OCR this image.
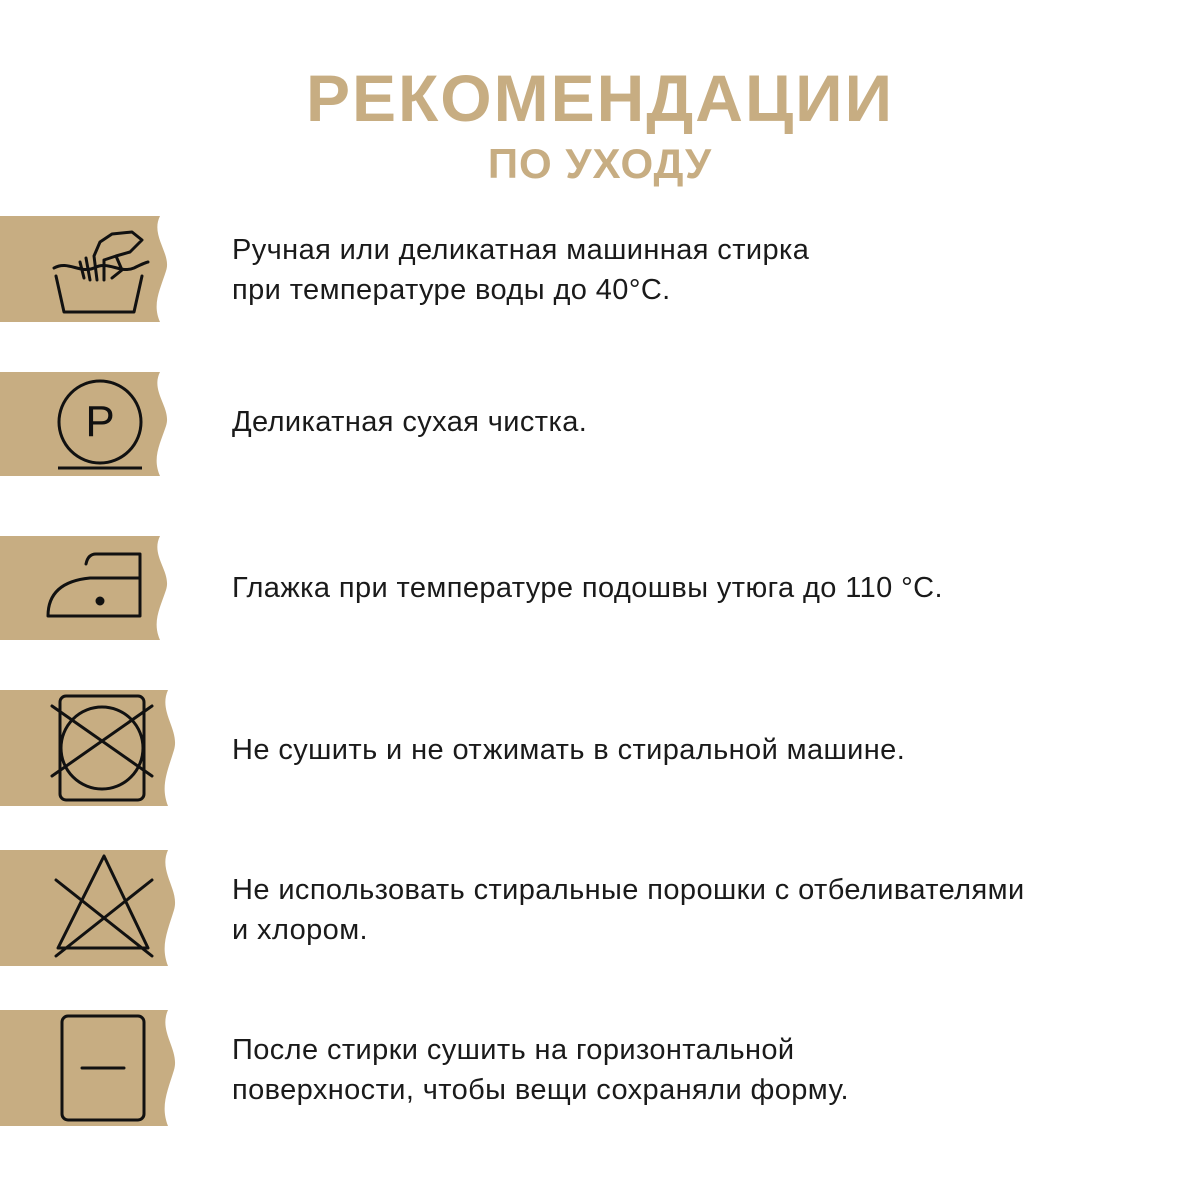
РЕКОМЕНДАЦИИ
ПО УХОДУ
Ручная или деликатная машинная стирка
при температуре воды до 40°С.
P	Деликатная сухая чистка.
Глажка при температуре подошвы утюга до 110 °С.
Не сушить и не отжимать в стиральной машине.
Не использовать стиральные порошки с отбеливателями
и хлором.
После стирки сушить на горизонтальной
поверхности, чтобы вещи сохраняли форму.
